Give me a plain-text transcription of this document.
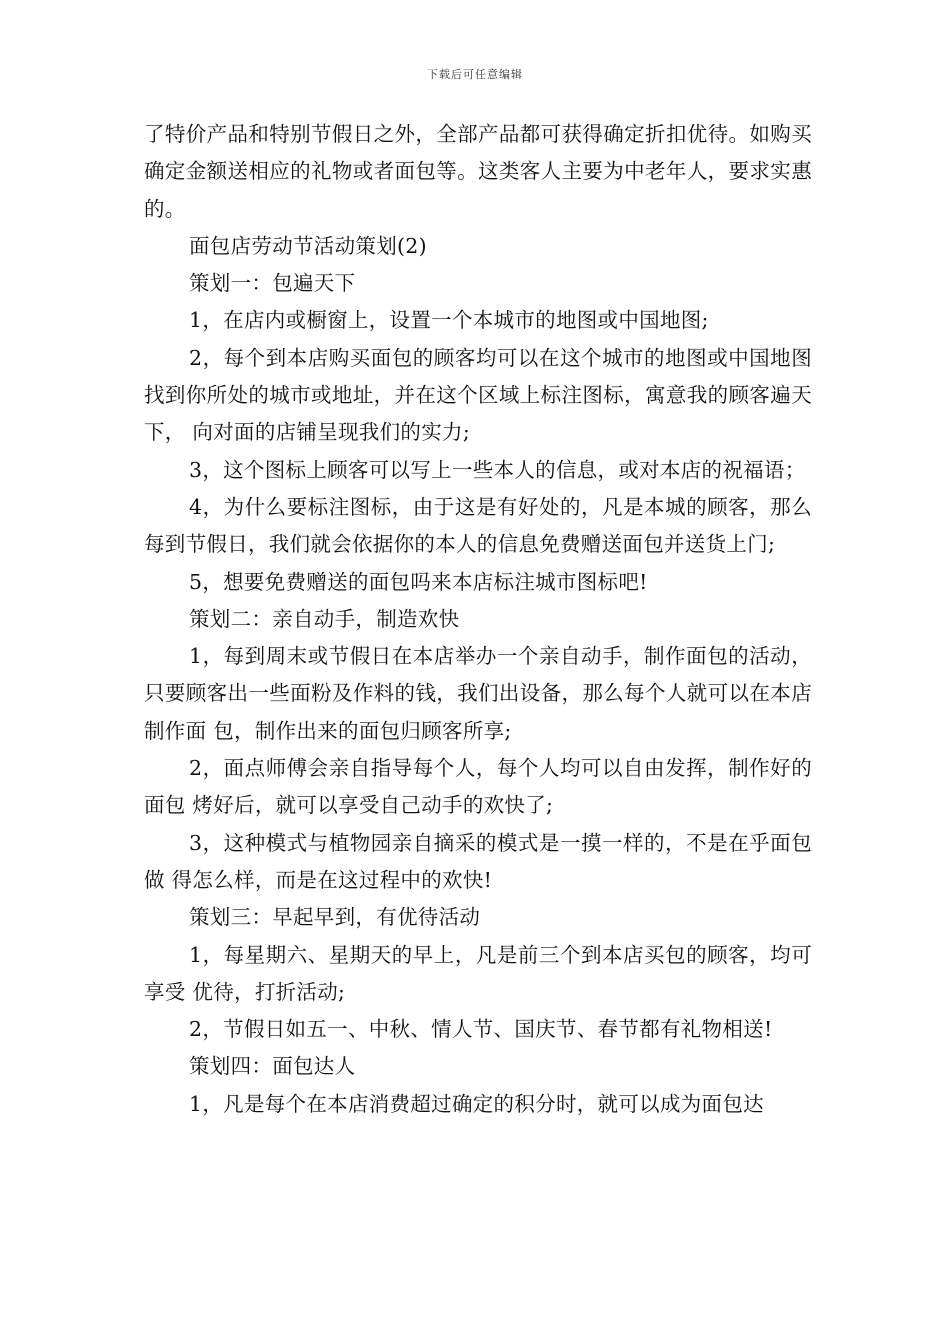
下载后可任意编辑

了特价产品和特别节假日之外，全部产品都可获得确定折扣优待。如购买确定金额送相应的礼物或者面包等。这类客人主要为中老年人，要求实惠的。

面包店劳动节活动策划(2)

策划一：包遍天下

1，在店内或橱窗上，设置一个本城市的地图或中国地图;

2，每个到本店购买面包的顾客均可以在这个城市的地图或中国地图 找到你所处的城市或地址，并在这个区域上标注图标，寓意我的顾客遍天下， 向对面的店铺呈现我们的实力;

3，这个图标上顾客可以写上一些本人的信息，或对本店的祝福语；

4，为什么要标注图标，由于这是有好处的，凡是本城的顾客，那么 每到节假日，我们就会依据你的本人的信息免费赠送面包并送货上门;

5，想要免费赠送的面包吗来本店标注城市图标吧!

策划二：亲自动手，制造欢快

1，每到周末或节假日在本店举办一个亲自动手，制作面包的活动，只要顾客出一些面粉及作料的钱，我们出设备，那么每个人就可以在本店制作面 包，制作出来的面包归顾客所享;

2，面点师傅会亲自指导每个人，每个人均可以自由发挥，制作好的面包 烤好后，就可以享受自己动手的欢快了;

3，这种模式与植物园亲自摘采的模式是一摸一样的，不是在乎面包做 得怎么样，而是在这过程中的欢快!

策划三：早起早到，有优待活动

1，每星期六、星期天的早上，凡是前三个到本店买包的顾客，均可享受 优待，打折活动;

2，节假日如五一、中秋、情人节、国庆节、春节都有礼物相送!

策划四：面包达人

1，凡是每个在本店消费超过确定的积分时，就可以成为面包达
